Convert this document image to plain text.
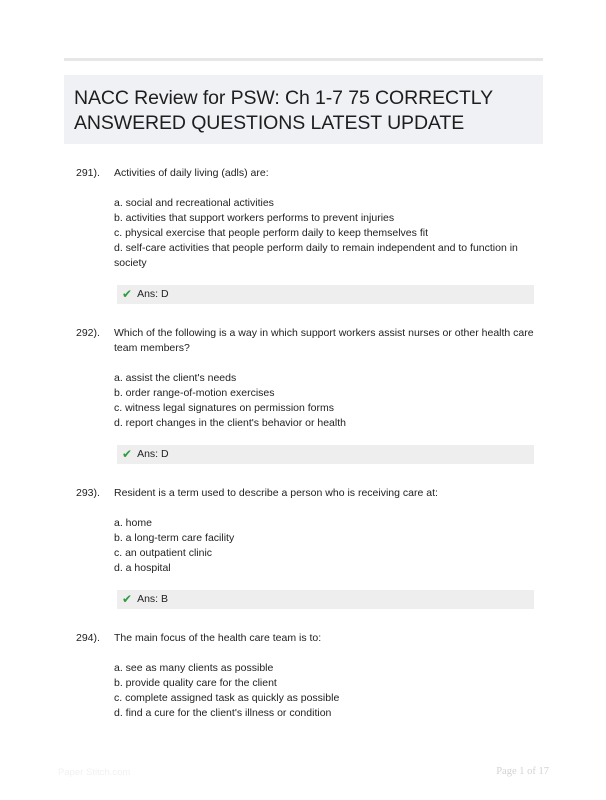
NACC Review for PSW: Ch 1-7 75 CORRECTLY ANSWERED QUESTIONS LATEST UPDATE
291). Activities of daily living (adls) are:

a. social and recreational activities
b. activities that support workers performs to prevent injuries
c. physical exercise that people perform daily to keep themselves fit
d. self-care activities that people perform daily to remain independent and to function in society
✔ Ans: D
292). Which of the following is a way in which support workers assist nurses or other health care team members?

a. assist the client's needs
b. order range-of-motion exercises
c. witness legal signatures on permission forms
d. report changes in the client's behavior or health
✔ Ans: D
293). Resident is a term used to describe a person who is receiving care at:

a. home
b. a long-term care facility
c. an outpatient clinic
d. a hospital
✔ Ans: B
294). The main focus of the health care team is to:

a. see as many clients as possible
b. provide quality care for the client
c. complete assigned task as quickly as possible
d. find a cure for the client's illness or condition
Paper Stitch.com	Page 1 of 17
